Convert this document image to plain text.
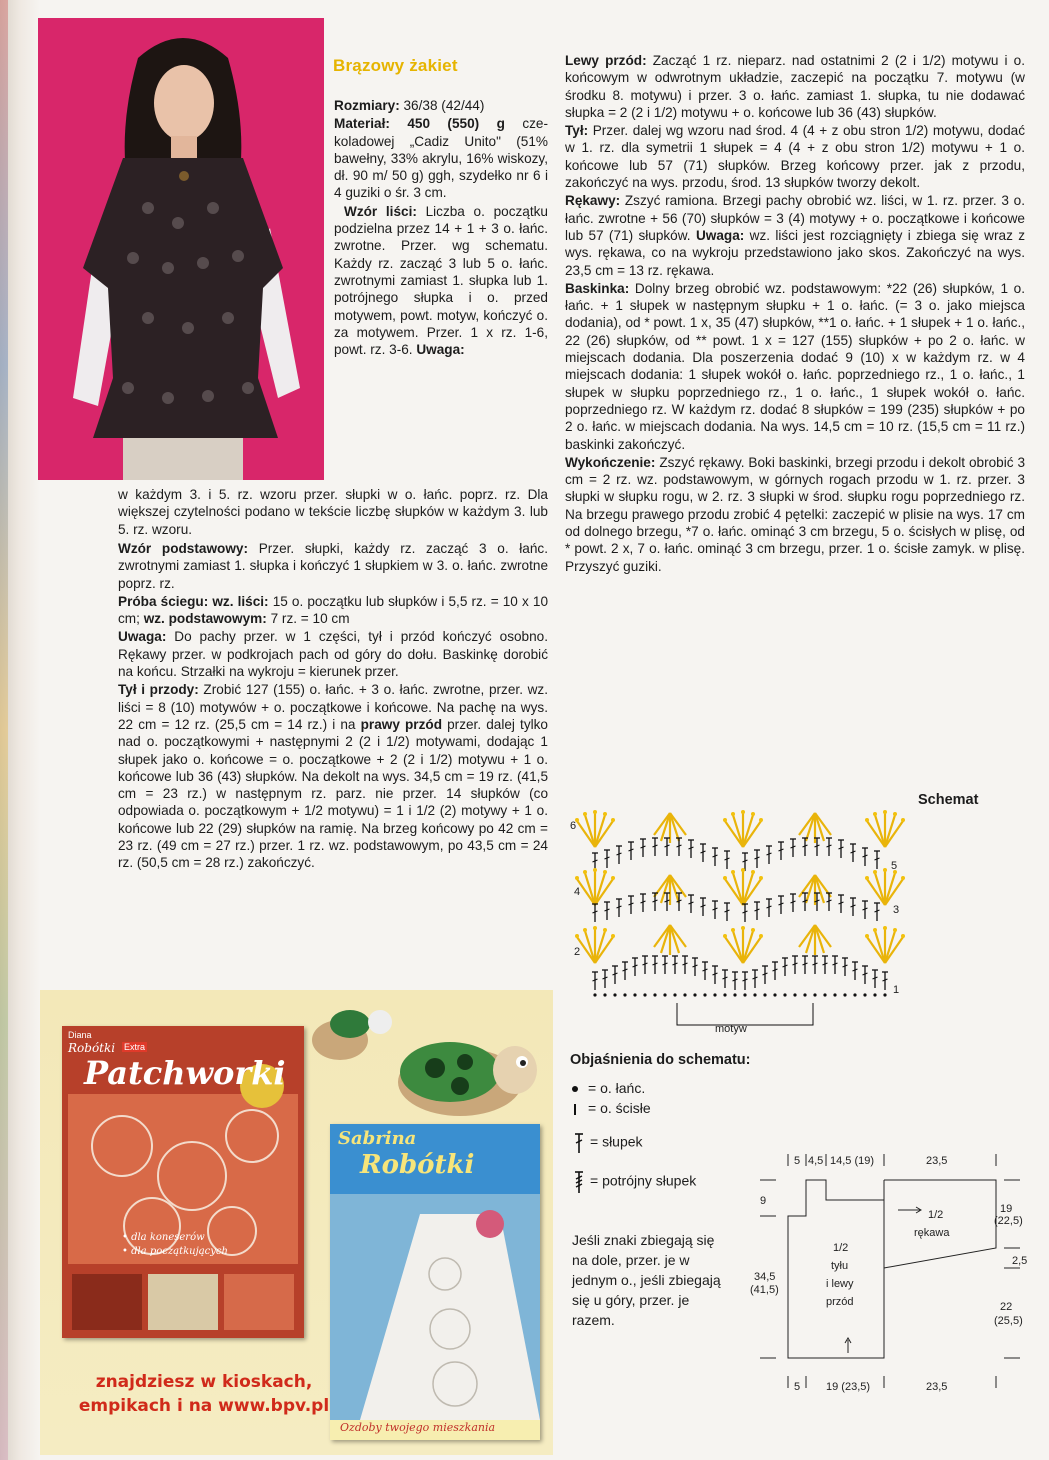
Brązowy żakiet

Rozmiary: 36/38 (42/44)

Materiał: 450 (550) g cze-koladowej „Cadiz Unito" (51% bawełny, 33% akrylu, 16% wiskozy, dł. 90 m/ 50 g) ggh, szydełko nr 6 i 4 guziki o śr. 3 cm.

Wzór liści: Liczba o. początku podzielna przez 14 + 1 + 3 o. łańc. zwrotne. Przer. wg schematu. Każdy rz. zacząć 3 lub 5 o. łańc. zwrotnymi zamiast 1. słupka lub 1. potrójnego słupka i o. przed motywem, powt. motyw, kończyć o. za motywem. Przer. 1 x rz. 1-6, powt. rz. 3-6. Uwaga:

w każdym 3. i 5. rz. wzoru przer. słupki w o. łańc. poprz. rz. Dla większej czytelności podano w tekście liczbę słupków w każdym 3. lub 5. rz. wzoru.

Wzór podstawowy: Przer. słupki, każdy rz. zacząć 3 o. łańc. zwrotnymi zamiast 1. słupka i kończyć 1 słupkiem w 3. o. łańc. zwrotne poprz. rz.

Próba ściegu: wz. liści: 15 o. początku lub słupków i 5,5 rz. = 10 x 10 cm; wz. podstawowym: 7 rz. = 10 cm

Uwaga: Do pachy przer. w 1 części, tył i przód kończyć osobno. Rękawy przer. w podkrojach pach od góry do dołu. Baskinkę dorobić na końcu. Strzałki na wykroju = kierunek przer.

Tył i przody: Zrobić 127 (155) o. łańc. + 3 o. łańc. zwrotne, przer. wz. liści = 8 (10) motywów + o. początkowe i końcowe. Na pachę na wys. 22 cm = 12 rz. (25,5 cm = 14 rz.) i na prawy przód przer. dalej tylko nad o. początkowymi + następnymi 2 (2 i 1/2) motywami, dodając 1 słupek jako o. końcowe = o. początkowe + 2 (2 i 1/2) motywu + 1 o. końcowe lub 36 (43) słupków. Na dekolt na wys. 34,5 cm = 19 rz. (41,5 cm = 23 rz.) w następnym rz. parz. nie przer. 14 słupków (co odpowiada o. początkowym + 1/2 motywu) = 1 i 1/2 (2) motywy + 1 o. końcowe lub 22 (29) słupków na ramię. Na brzeg końcowy po 42 cm = 23 rz. (49 cm = 27 rz.) przer. 1 rz. wz. podstawowym, po 43,5 cm = 24 rz. (50,5 cm = 28 rz.) zakończyć.

Lewy przód: Zacząć 1 rz. nieparz. nad ostatnimi 2 (2 i 1/2) motywu i o. końcowym w odwrotnym układzie, zaczepić na początku 7. motywu (w środku 8. motywu) i przer. 3 o. łańc. zamiast 1. słupka, tu nie dodawać słupka = 2 (2 i 1/2) motywu + o. końcowe lub 36 (43) słupków.

Tył: Przer. dalej wg wzoru nad środ. 4 (4 + z obu stron 1/2) motywu, dodać w 1. rz. dla symetrii 1 słupek = 4 (4 + z obu stron 1/2) motywu + 1 o. końcowe lub 57 (71) słupków. Brzeg końcowy przer. jak z przodu, zakończyć na wys. przodu, środ. 13 słupków tworzy dekolt.

Rękawy: Zszyć ramiona. Brzegi pachy obrobić wz. liści, w 1. rz. przer. 3 o. łańc. zwrotne + 56 (70) słupków = 3 (4) motywy + o. początkowe i końcowe lub 57 (71) słupków. Uwaga: wz. liści jest rozciągnięty i zbiega się wraz z wys. rękawa, co na wykroju przedstawiono jako skos. Zakończyć na wys. 23,5 cm = 13 rz. rękawa.

Baskinka: Dolny brzeg obrobić wz. podstawowym: *22 (26) słupków, 1 o. łańc. + 1 słupek w następnym słupku + 1 o. łańc. (= 3 o. jako miejsca dodania), od * powt. 1 x, 35 (47) słupków, **1 o. łańc. + 1 słupek + 1 o. łańc., 22 (26) słupków, od ** powt. 1 x = 127 (155) słupków + po 2 o. łańc. w miejscach dodania. Dla poszerzenia dodać 9 (10) x w każdym rz. w 4 miejscach dodania: 1 słupek wokół o. łańc. poprzedniego rz., 1 o. łańc., 1 słupek w słupku poprzedniego rz., 1 o. łańc., 1 słupek wokół o. łańc. poprzedniego rz. W każdym rz. dodać 8 słupków = 199 (235) słupków + po 2 o. łańc. w miejscach dodania. Na wys. 14,5 cm = 10 rz. (15,5 cm = 11 rz.) baskinki zakończyć.

Wykończenie: Zszyć rękawy. Boki baskinki, brzegi przodu i dekolt obrobić 3 cm = 2 rz. wz. podstawowym, w górnych rogach przodu w 1. rz. przer. 3 słupki w słupku rogu, w 2. rz. 3 słupki w środ. słupku rogu poprzedniego rz. Na brzegu prawego przodu zrobić 4 pętelki: zaczepić w plisie na wys. 17 cm od dolnego brzegu, *7 o. łańc. ominąć 3 cm brzegu, 5 o. ścisłych w plisę, od * powt. 2 x, 7 o. łańc. ominąć 3 cm brzegu, przer. 1 o. ścisłe zamyk. w plisę. Przyszyć guziki.

Schemat
6
5
4
3
2
1
motyw
Objaśnienia do schematu:
= o. łańc.
= o. ścisłe
= słupek
= potrójny słupek
Jeśli znaki zbiegają się na dole, przer. je w jednym o., jeśli zbiegają się u góry, przer. je razem.
5 4,5 14,5 (19)	23,5
5 19 (23,5)	23,5
9
34,5
(41,5)
19
(22,5)
2,5
22
(25,5)
1/2
tyłu
i lewy
przód
1/2
rękawa
Diana
Robótki Extra
Patchworki
• dla koneserów
• dla początkujących
Sabrina
Robótki
Ozdoby twojego mieszkania
znajdziesz w kioskach,
empikach i na www.bpv.pl
